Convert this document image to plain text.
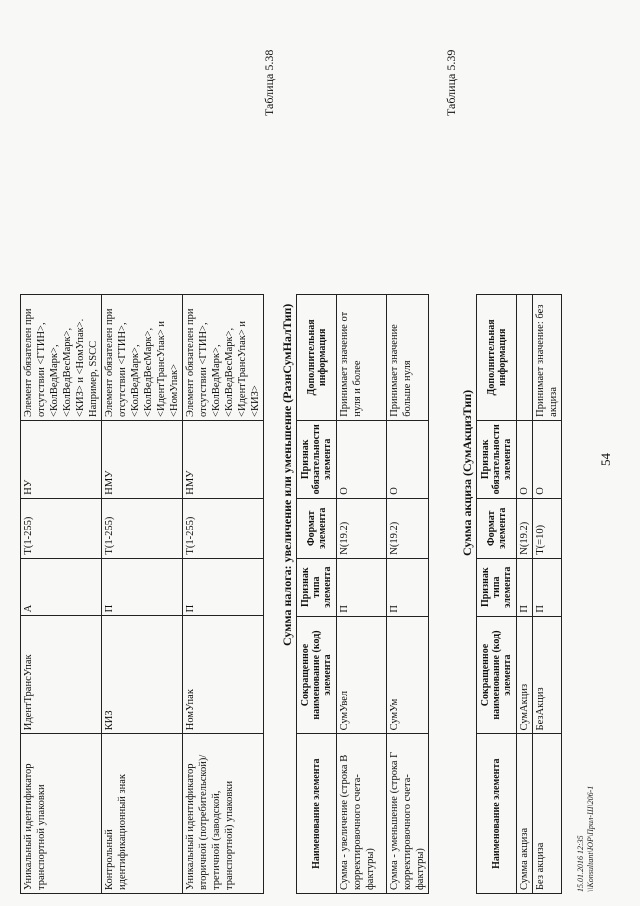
54
Уникальный идентификатор транспортной упаковки	ИдентТрансУпак	А	T(1-255)	НУ	Элемент обязателен при отсутствии <ГТИН>, <КолВедМарк>, <КолВедВесМарк>, <КИЗ> и <НомУпак>. Например, SSCC
Контрольный идентификационный знак	КИЗ	П	T(1-255)	НМУ	Элемент обязателен при отсутствии <ГТИН>, <КолВедМарк>, <КолВедВесМарк>, <ИдентТрансУпак> и <НомУпак>
Уникальный идентификатор вторичной (потребительской)/третичной (заводской, транспортной) упаковки	НомУпак	П	T(1-255)	НМУ	Элемент обязателен при отсутствии <ГТИН>, <КолВедМарк>, <КолВедВесМарк>, <ИдентТрансУпак> и <КИЗ>
Таблица 5.38
Сумма налога: увеличение или уменьшение (РазнСумНалТип)
Наименование элемента	Сокращенное наименование (код) элемента	Признак типа элемента	Формат элемента	Признак обязательности элемента	Дополнительная информация
Сумма - увеличение (строка В корректировочного счета-фактуры)	СумУвел	П	N(19.2)	О	Принимает значение от нуля и более
Сумма - уменьшение (строка Г корректировочного счета-фактуры)	СумУм	П	N(19.2)	О	Принимает значение больше нуля
Таблица 5.39
Сумма акциза (СумАкцизТип)
Наименование элемента	Сокращенное наименование (код) элемента	Признак типа элемента	Формат элемента	Признак обязательности элемента	Дополнительная информация
Сумма акциза	СумАкциз	П	N(19.2)	О	
Без акциза	БезАкциз	П	T(=10)	О	Принимает значение: без акциза
15.01.2016 12:35 \\Konsultant\ЮР\Прил-Ш\206-1
